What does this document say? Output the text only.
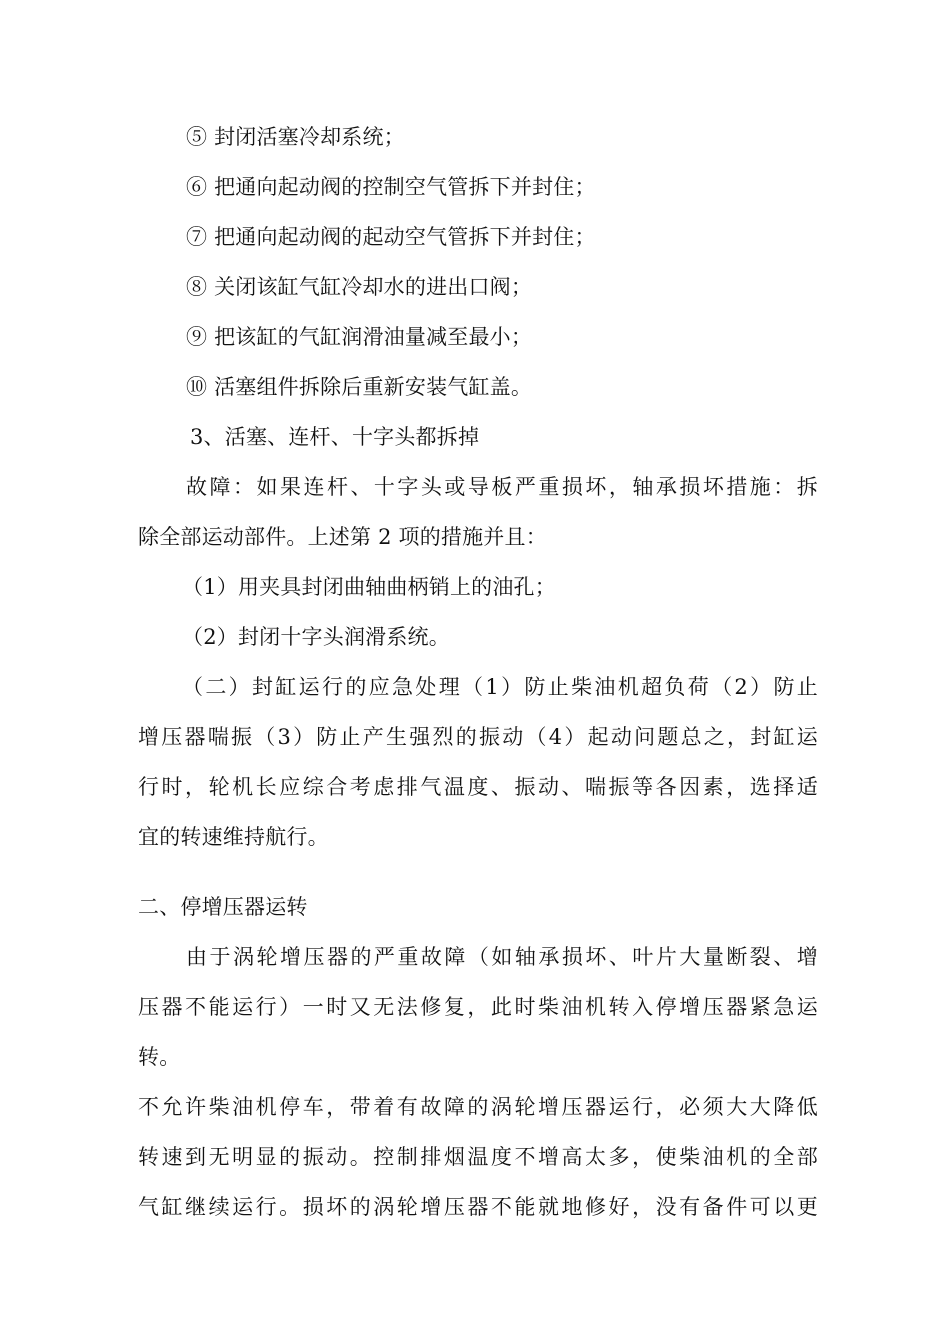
⑤ 封闭活塞冷却系统；
⑥ 把通向起动阀的控制空气管拆下并封住；
⑦ 把通向起动阀的起动空气管拆下并封住；
⑧ 关闭该缸气缸冷却水的进出口阀；
⑨ 把该缸的气缸润滑油量减至最小；
⑩ 活塞组件拆除后重新安装气缸盖。
3、活塞、连杆、十字头都拆掉
故障：如果连杆、十字头或导板严重损坏，轴承损坏措施：拆
除全部运动部件。上述第 2 项的措施并且：
（1）用夹具封闭曲轴曲柄销上的油孔；
（2）封闭十字头润滑系统。
（二）封缸运行的应急处理（1）防止柴油机超负荷（2）防止
增压器喘振（3）防止产生强烈的振动（4）起动问题总之，封缸运
行时，轮机长应综合考虑排气温度、振动、喘振等各因素，选择适
宜的转速维持航行。
二、停增压器运转
由于涡轮增压器的严重故障（如轴承损坏、叶片大量断裂、增
压器不能运行）一时又无法修复，此时柴油机转入停增压器紧急运
转。
不允许柴油机停车，带着有故障的涡轮增压器运行，必须大大降低
转速到无明显的振动。控制排烟温度不增高太多，使柴油机的全部
气缸继续运行。损坏的涡轮增压器不能就地修好，没有备件可以更
